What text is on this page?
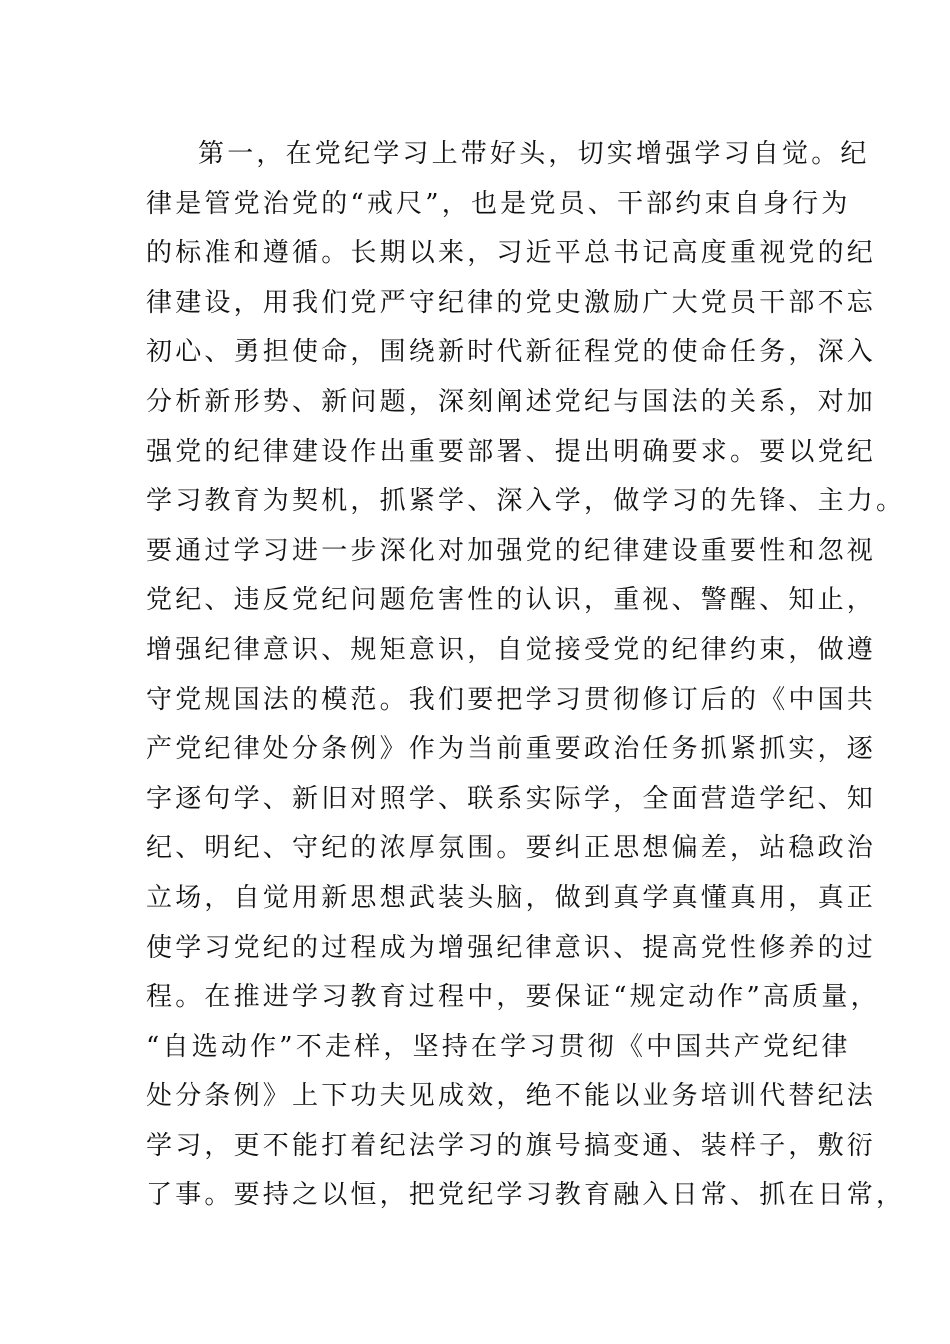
第一，在党纪学习上带好头，切实增强学习自觉。纪
律是管党治党的“戒尺”，也是党员、干部约束自身行为
的标准和遵循。长期以来，习近平总书记高度重视党的纪
律建设，用我们党严守纪律的党史激励广大党员干部不忘
初心、勇担使命，围绕新时代新征程党的使命任务，深入
分析新形势、新问题，深刻阐述党纪与国法的关系，对加
强党的纪律建设作出重要部署、提出明确要求。要以党纪
学习教育为契机，抓紧学、深入学，做学习的先锋、主力。
要通过学习进一步深化对加强党的纪律建设重要性和忽视
党纪、违反党纪问题危害性的认识，重视、警醒、知止，
增强纪律意识、规矩意识，自觉接受党的纪律约束，做遵
守党规国法的模范。我们要把学习贯彻修订后的《中国共
产党纪律处分条例》作为当前重要政治任务抓紧抓实，逐
字逐句学、新旧对照学、联系实际学，全面营造学纪、知
纪、明纪、守纪的浓厚氛围。要纠正思想偏差，站稳政治
立场，自觉用新思想武装头脑，做到真学真懂真用，真正
使学习党纪的过程成为增强纪律意识、提高党性修养的过
程。在推进学习教育过程中，要保证“规定动作”高质量，
“自选动作”不走样，坚持在学习贯彻《中国共产党纪律
处分条例》上下功夫见成效，绝不能以业务培训代替纪法
学习，更不能打着纪法学习的旗号搞变通、装样子，敷衍
了事。要持之以恒，把党纪学习教育融入日常、抓在日常，
